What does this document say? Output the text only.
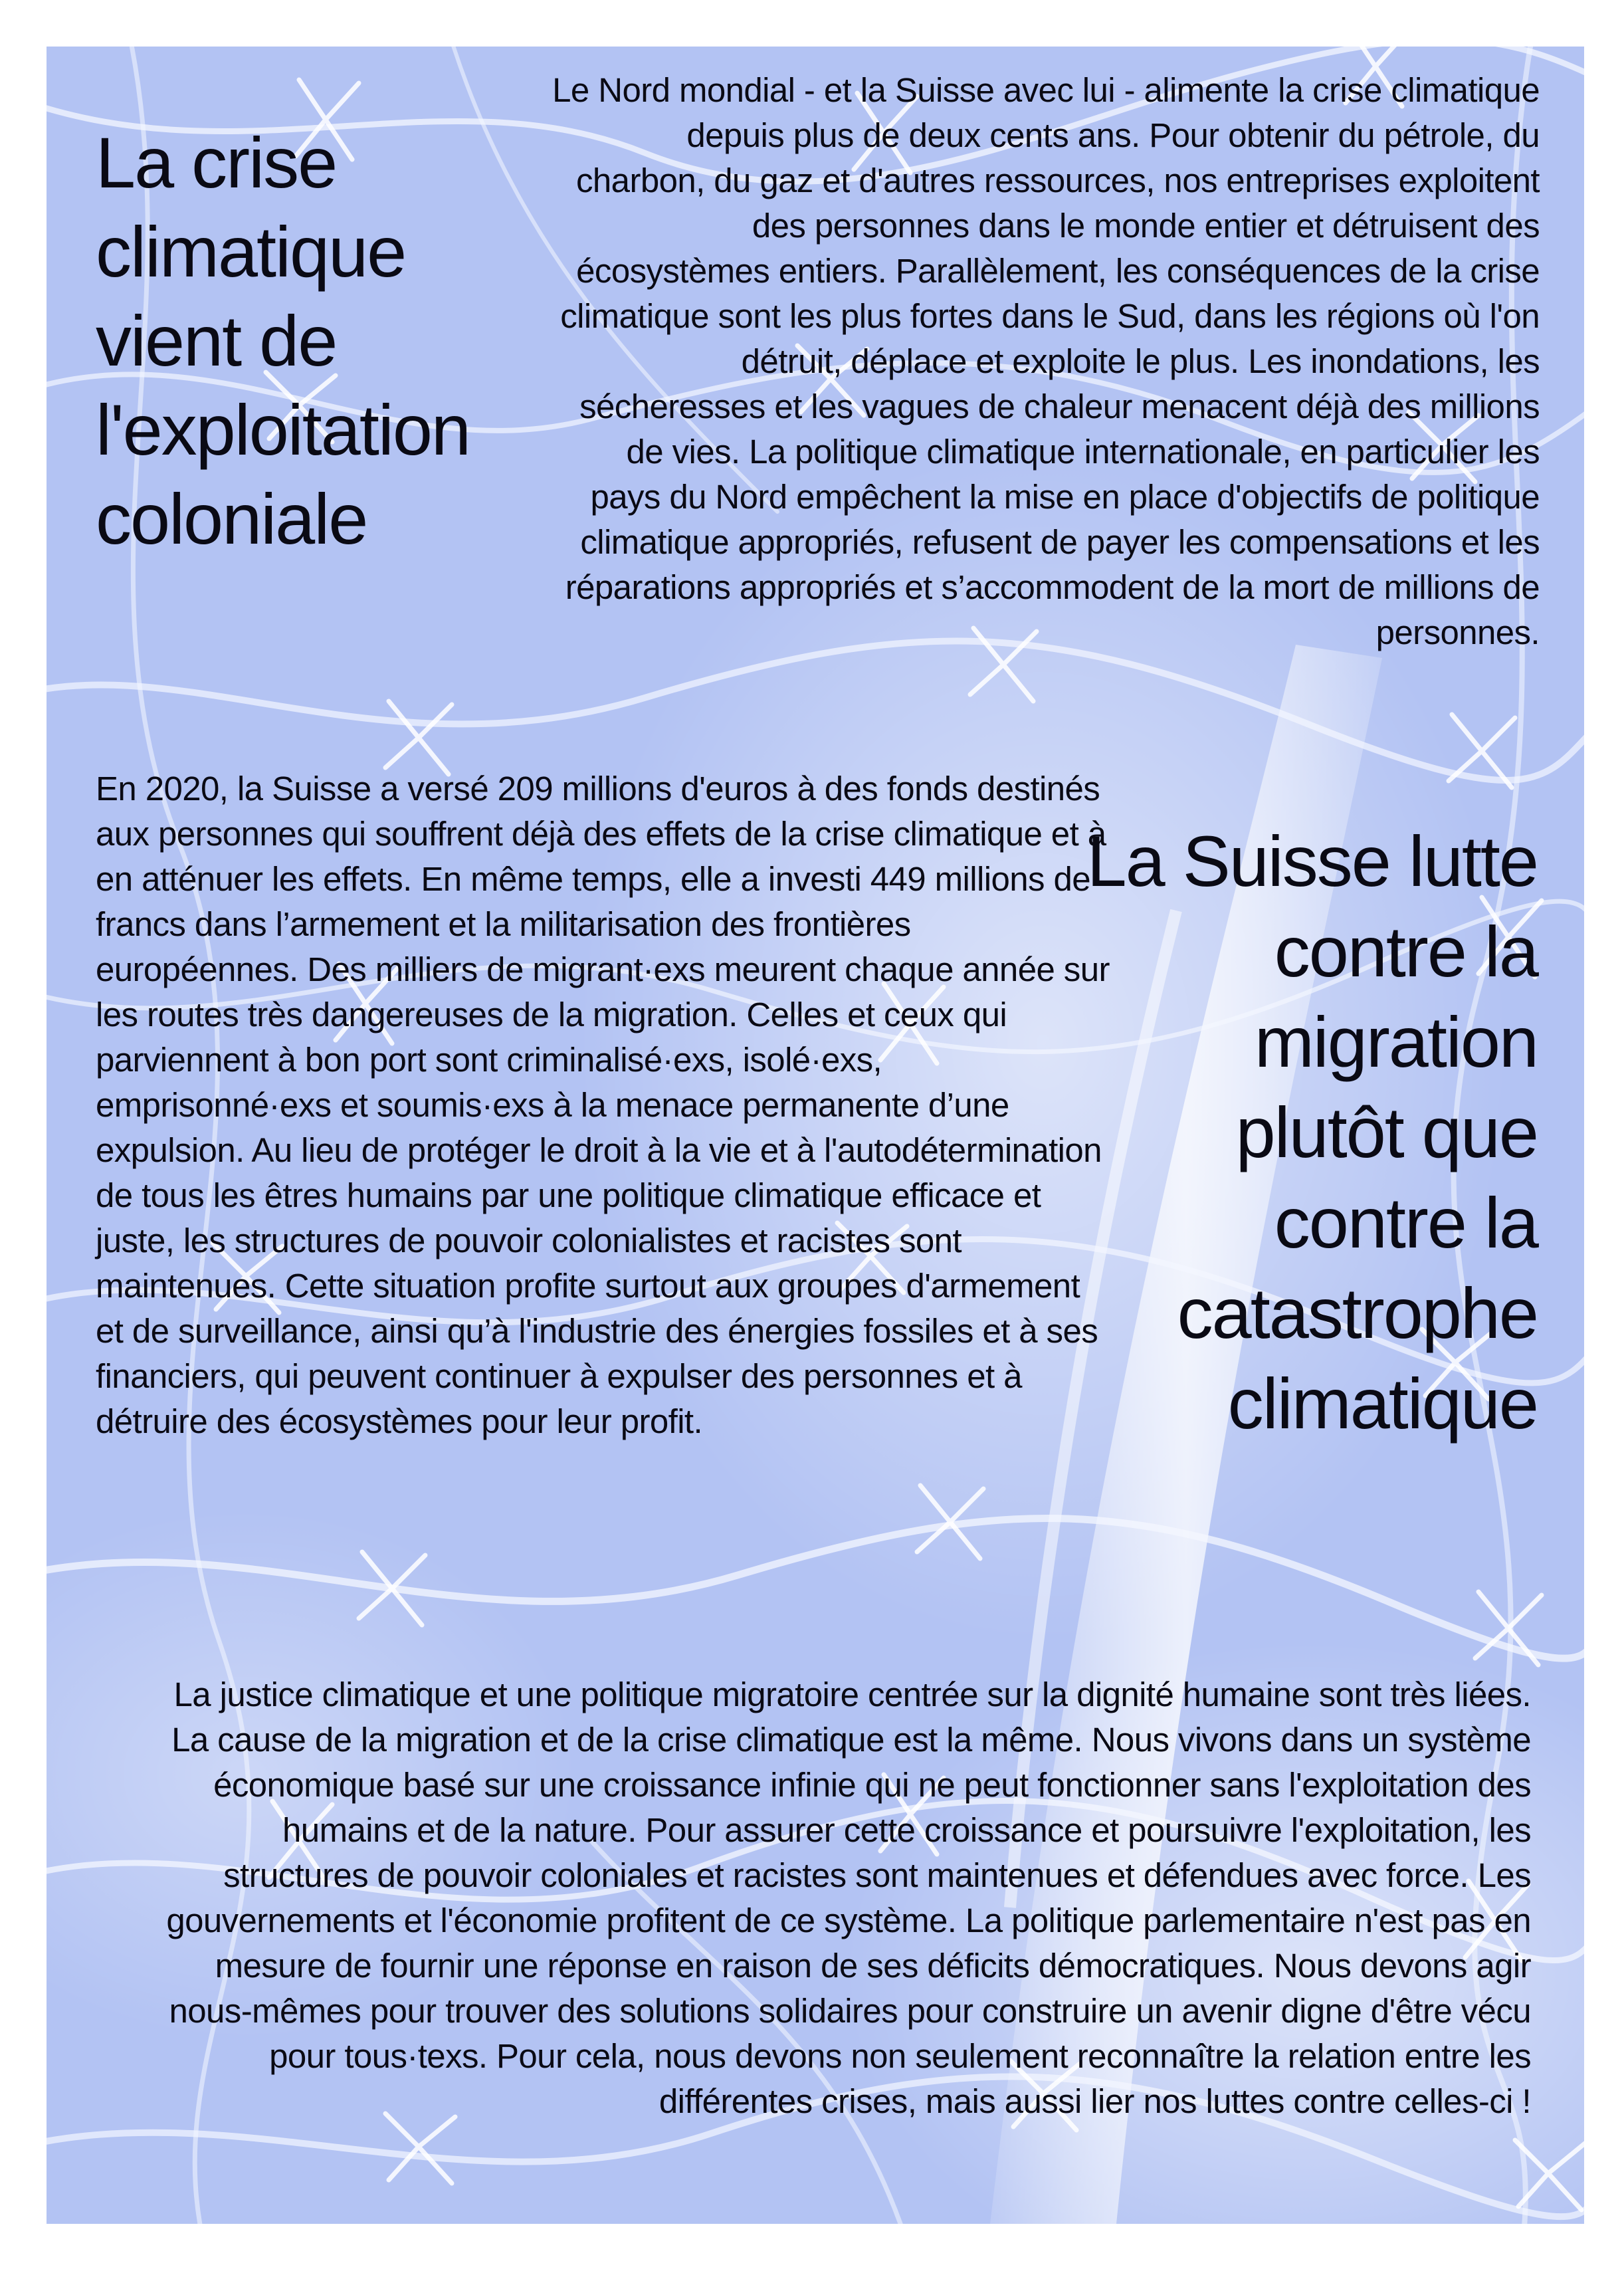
La crise climatique vient de l'exploitation coloniale

Le Nord mondial - et la Suisse avec lui - alimente la crise climatique depuis plus de deux cents ans. Pour obtenir du pétrole, du charbon, du gaz et d'autres ressources, nos entreprises exploitent des personnes dans le monde entier et détruisent des écosystèmes entiers. Parallèlement, les conséquences de la crise climatique sont les plus fortes dans le Sud, dans les régions où l'on détruit, déplace et exploite le plus. Les inondations, les sécheresses et les vagues de chaleur menacent déjà des millions de vies. La politique climatique internationale, en particulier les pays du Nord empêchent la mise en place d'objectifs de politique climatique appropriés, refusent de payer les compensations et les réparations appropriés et s’accommodent de la mort de millions de personnes.

En 2020, la Suisse a versé 209 millions d'euros à des fonds destinés aux personnes qui souffrent déjà des effets de la crise climatique et à en atténuer les effets. En même temps, elle a investi 449 millions de francs dans l’armement et la militarisation des frontières européennes. Des milliers de migrant·exs meurent chaque année sur les routes très dangereuses de la migration. Celles et ceux qui parviennent à bon port sont criminalisé·exs, isolé·exs, emprisonné·exs et soumis·exs à la menace permanente d’une expulsion. Au lieu de protéger le droit à la vie et à l'autodétermination de tous les êtres humains par une politique climatique efficace et juste, les structures de pouvoir colonialistes et racistes sont maintenues. Cette situation profite surtout aux groupes d'armement et de surveillance, ainsi qu’à l'industrie des énergies fossiles et à ses financiers, qui peuvent continuer à expulser des personnes et à détruire des écosystèmes pour leur profit.

La Suisse lutte contre la migration plutôt que contre la catastrophe climatique

La justice climatique et une politique migratoire centrée sur la dignité humaine sont très liées. La cause de la migration et de la crise climatique est la même. Nous vivons dans un système économique basé sur une croissance infinie qui ne peut fonctionner sans l'exploitation des humains et de la nature. Pour assurer cette croissance et poursuivre l'exploitation, les structures de pouvoir coloniales et racistes sont maintenues et défendues avec force. Les gouvernements et l'économie profitent de ce système. La politique parlementaire n'est pas en mesure de fournir une réponse en raison de ses déficits démocratiques. Nous devons agir nous-mêmes pour trouver des solutions solidaires pour construire un avenir digne d'être vécu pour tous·texs. Pour cela, nous devons non seulement reconnaître la relation entre les différentes crises, mais aussi lier nos luttes contre celles-ci !
